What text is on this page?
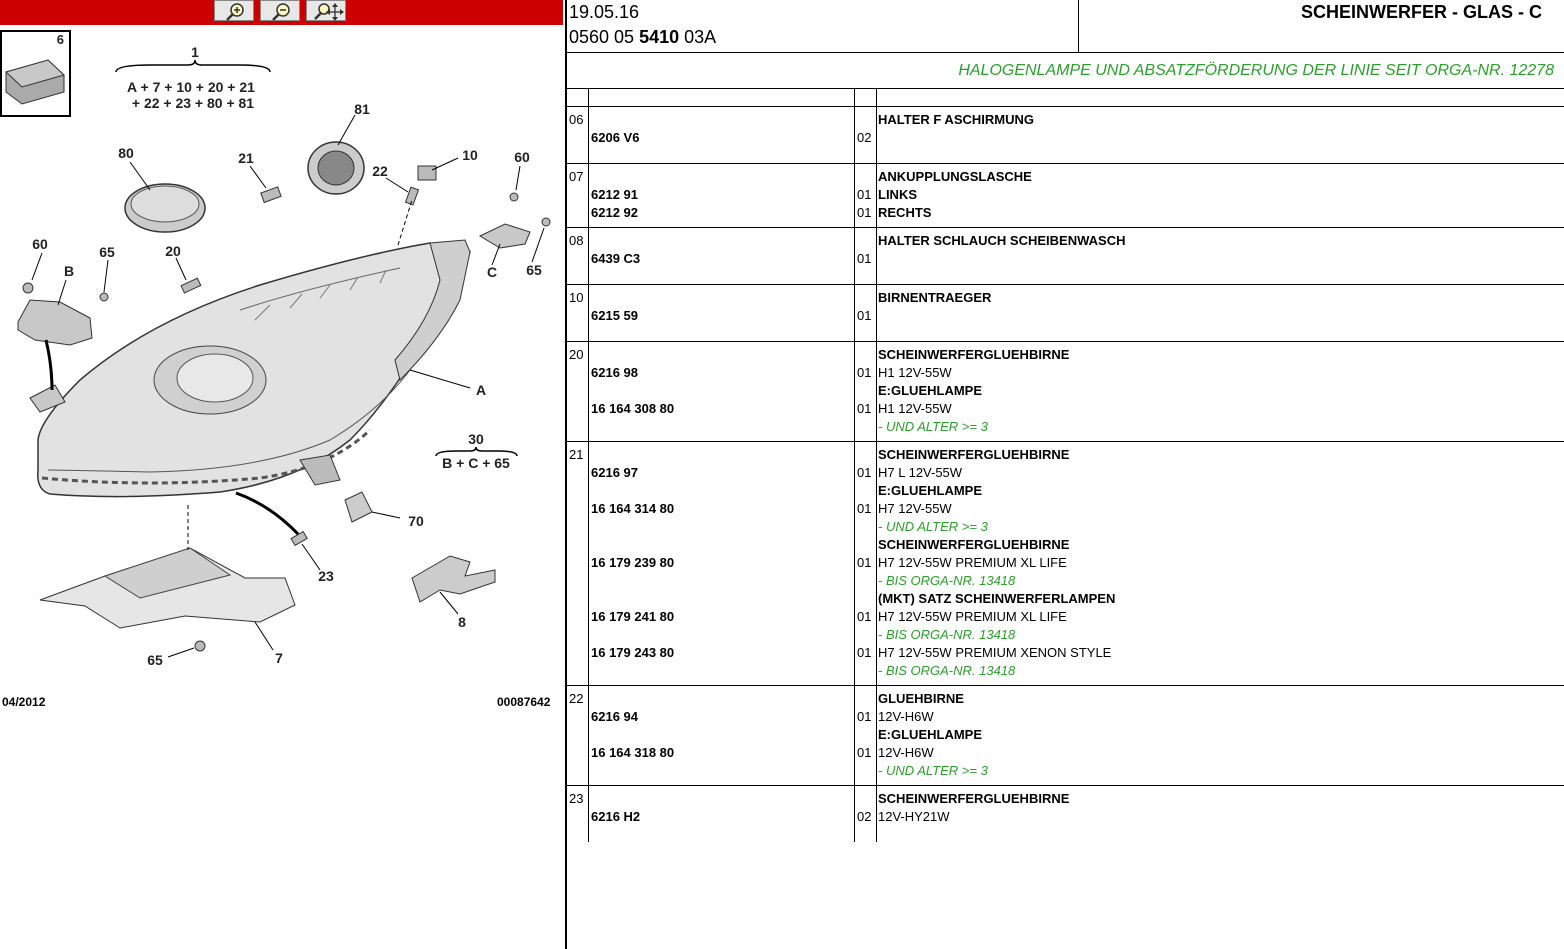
6
1
A + 7 + 10 + 20 + 21
+ 22 + 23 + 80 + 81
30
B + C + 65
81
80	21
22
10	60
60	65
B
20
C 65
A
70
23
8
65	7
04/2012	00087642
19.05.16
0560 05 5410 03A
SCHEINWERFER - GLAS - C
HALOGENLAMPE UND ABSATZFÖRDERUNG DER LINIE SEIT ORGA-NR. 12278
06	HALTER F ASCHIRMUNG
6206 V6	02
07	ANKUPPLUNGSLASCHE
6212 91	01 LINKS
6212 92	01 RECHTS
08	HALTER SCHLAUCH SCHEIBENWASCH
6439 C3	01
10	BIRNENTRAEGER
6215 59	01
20	SCHEINWERFERGLUEHBIRNE
6216 98	01 H1 12V-55W
E:GLUEHLAMPE
16 164 308 80	01 H1 12V-55W
- UND ALTER >= 3
21	SCHEINWERFERGLUEHBIRNE
6216 97	01 H7 L 12V-55W
E:GLUEHLAMPE
16 164 314 80	01 H7 12V-55W
- UND ALTER >= 3
SCHEINWERFERGLUEHBIRNE
16 179 239 80	01 H7 12V-55W PREMIUM XL LIFE
- BIS ORGA-NR. 13418
(MKT) SATZ SCHEINWERFERLAMPEN
16 179 241 80	01 H7 12V-55W PREMIUM XL LIFE
- BIS ORGA-NR. 13418
16 179 243 80	01 H7 12V-55W PREMIUM XENON STYLE
- BIS ORGA-NR. 13418
22	GLUEHBIRNE
6216 94	01 12V-H6W
E:GLUEHLAMPE
16 164 318 80	01 12V-H6W
- UND ALTER >= 3
23	SCHEINWERFERGLUEHBIRNE
6216 H2	02 12V-HY21W
